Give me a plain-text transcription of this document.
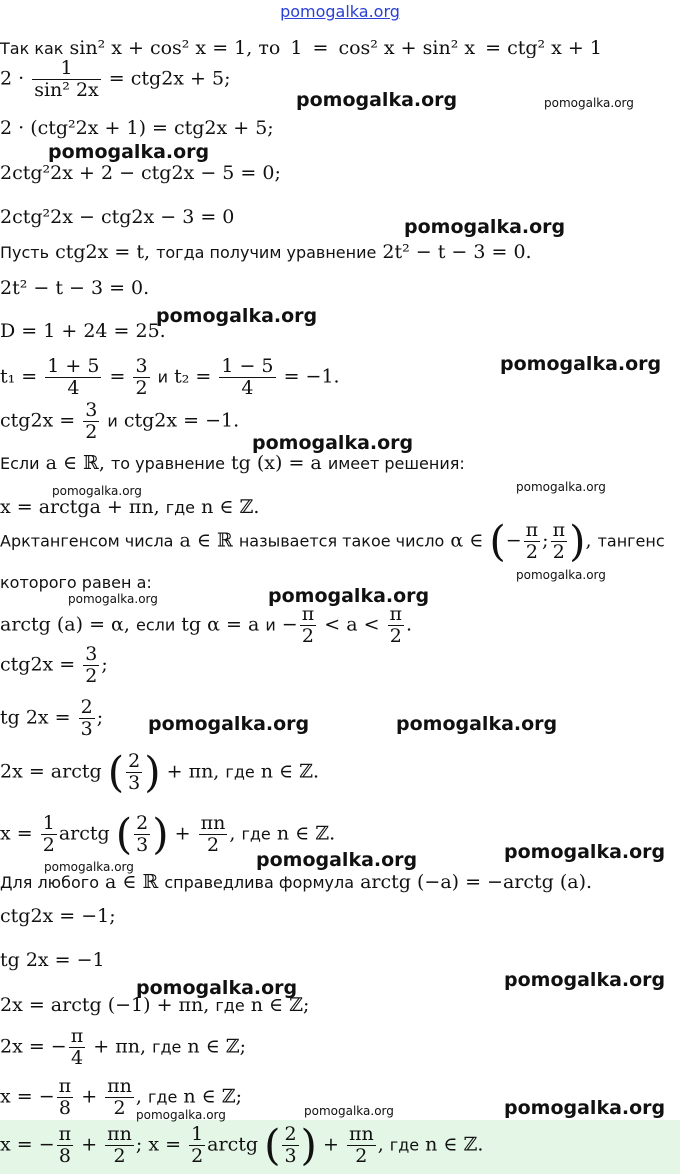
pomogalka.org
Так как sin² x + cos² x = 1, то 1 = cos² x + sin² x = ctg² x + 1
$2 \cdot \frac{1}{\text{sin² 2x}} = ctg2x + 5$;
2 · (ctg²2x + 1) = ctg2x + 5;
2ctg²2x + 2 − ctg2x − 5 = 0;
2ctg²2x − ctg2x − 3 = 0
Пусть ctg2x = t, тогда получим уравнение 2t² − t − 3 = 0.
2t² − t − 3 = 0.
D = 1 + 24 = 25.
$t_1 = \frac{1 + 5}{4} = \frac{3}{2}$ и $t_2 = \frac{1 - 5}{4} = -1$.
$ctg2x = \frac{3}{2}$ и ctg2x = −1.
Если a ∈ ℝ, то уравнение tg (x) = a имеет решения:
x = arctga + πn, где n ∈ ℤ.
Арктангенсом числа a ∈ ℝ называется такое число α ∈ (− $\frac{\pi}{2}$ ; $\frac{\pi}{2}$ ), тангенс
которого равен a:
arctg (a) = α, если tg α = a $и - \frac{\pi}{2} < a < \frac{\pi}{2}$ .
$ctg2x = \frac{3}{2}$ ;
tg $2x = \frac{2}{3}$ ;
2x = arctg ( $\frac{2}{3}$ ) + πn, где n ∈ ℤ.
$x = \frac{1}{2}$ arctg ( $\frac{2}{3}$ ) + $\frac{\pi n}{2}$ , где n ∈ ℤ.
Для любого a ∈ ℝ справедлива формула arctg (−a) = −arctg (a).
ctg2x = −1;
tg 2x = −1
2x = arctg (−1) + πn, где n ∈ ℤ;
2x = − $\frac{\pi}{4} + \pi n$, где n ∈ ℤ;
x = − $\frac{\pi}{8} + \frac{\pi n}{2}$ , где n ∈ ℤ;
x = − $\frac{\pi}{8} + \frac{\pi n}{2}$ ; $x = \frac{1}{2}$ arctg ( $\frac{2}{3}$ ) + $\frac{\pi n}{2}$ , где n ∈ ℤ.
pomogalka.org	pomogalka.org
pomogalka.org
pomogalka.org
pomogalka.org
pomogalka.org
pomogalka.org
pomogalka.org	pomogalka.org
pomogalka.org
pomogalka.org	pomogalka.org
pomogalka.org	pomogalka.org
pomogalka.org
pomogalka.org
pomogalka.org
pomogalka.org	pomogalka.org
pomogalka.org	pomogalka.org	pomogalka.org
